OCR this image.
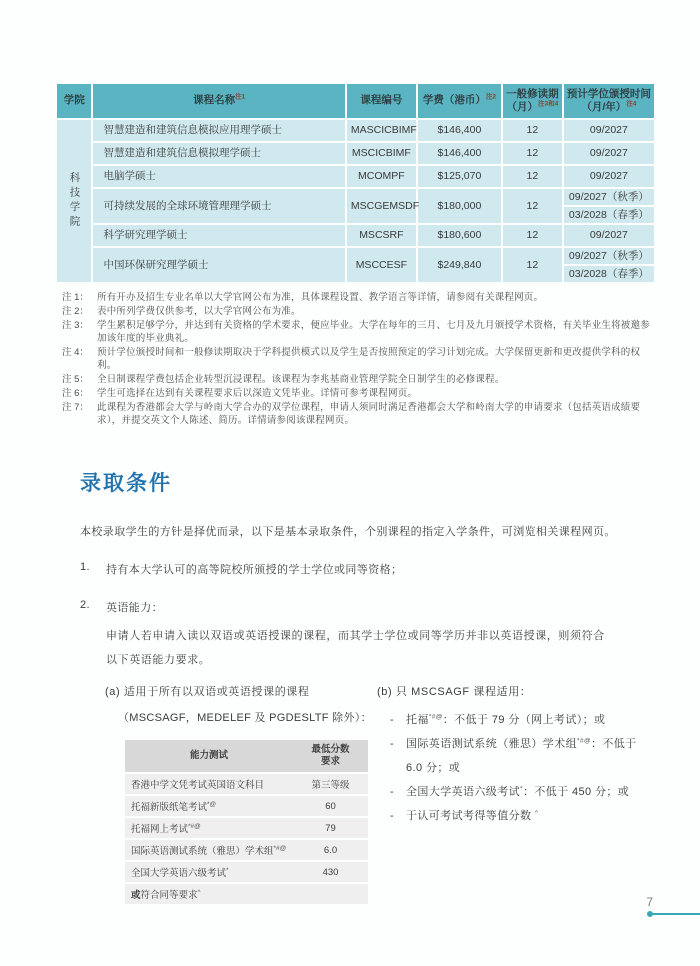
学院	课程名称$^{注1}$	课程编号	学费（港币）$^{注2}$	一般修读期
（月）$^{注3和4}$

预计学位颁授时间
（月/年）$^{注4}$

科技学院	智慧建造和建筑信息模拟应用理学硕士	MASCICBIMF	$146,400	12	09/2027
	智慧建造和建筑信息模拟理学硕士	MSCICBIMF	$146,400	12	09/2027
	电脑学硕士	MCOMPF	$125,070	12	09/2027
	可持续发展的全球环境管理理学硕士	MSCGEMSDF	$180,000	12	09/2027（秋季）
03/2028（春季）

	科学研究理学硕士	MSCSRF	$180,600	12	09/2027
	中国环保研究理学硕士	MSCCESF	$249,840	12	09/2027（秋季）
03/2028（春季）
注 1： 所有开办及招生专业名单以大学官网公布为准，具体课程设置、教学语言等详情，请参阅有关课程网页。
注 2： 表中所列学费仅供参考，以大学官网公布为准。
注 3： 学生累积足够学分，并达到有关资格的学术要求，便应毕业。大学在每年的三月、七月及九月颁授学术资格，有关毕业生将被邀参加该年度的毕业典礼。
注 4： 预计学位颁授时间和一般修读期取决于学科提供模式以及学生是否按照预定的学习计划完成。大学保留更新和更改提供学科的权利。
注 5： 全日制课程学费包括企业转型沉浸课程。该课程为李兆基商业管理学院全日制学生的必修课程。
注 6： 学生可选择在达到有关课程要求后以深造文凭毕业。详情可参考课程网页。
注 7： 此课程为香港都会大学与岭南大学合办的双学位课程，申请人须同时满足香港都会大学和岭南大学的申请要求（包括英语成绩要求），并提交英文个人陈述、简历。详情请参阅该课程网页。
录取条件
本校录取学生的方针是择优而录，以下是基本录取条件，个别课程的指定入学条件，可浏览相关课程网页。
1.	持有本大学认可的高等院校所颁授的学士学位或同等资格；
2.	英语能力：
申请人若申请入读以双语或英语授课的课程，而其学士学位或同等学历并非以英语授课，则须符合以下英语能力要求。
(a) 适用于所有以双语或英语授课的课程
（MSCSAGF，MEDELEF 及 PGDESLTF 除外）：
能力测试	最低分数
要求

香港中学文凭考试英国语文科目	第三等级
托福新版纸笔考试*@	60
托福网上考试*#@	79
国际英语测试系统（雅思）学术组*#@	6.0
全国大学英语六级考试*	430
或符合同等要求^
(b) 只 MSCSAGF 课程适用：
-	托福*#@：不低于 79 分（网上考试）；或
-	国际英语测试系统（雅思）学术组*#@：不低于 6.0 分；或
-	全国大学英语六级考试*：不低于 450 分；或
-	于认可考试考得等值分数 ^
7
